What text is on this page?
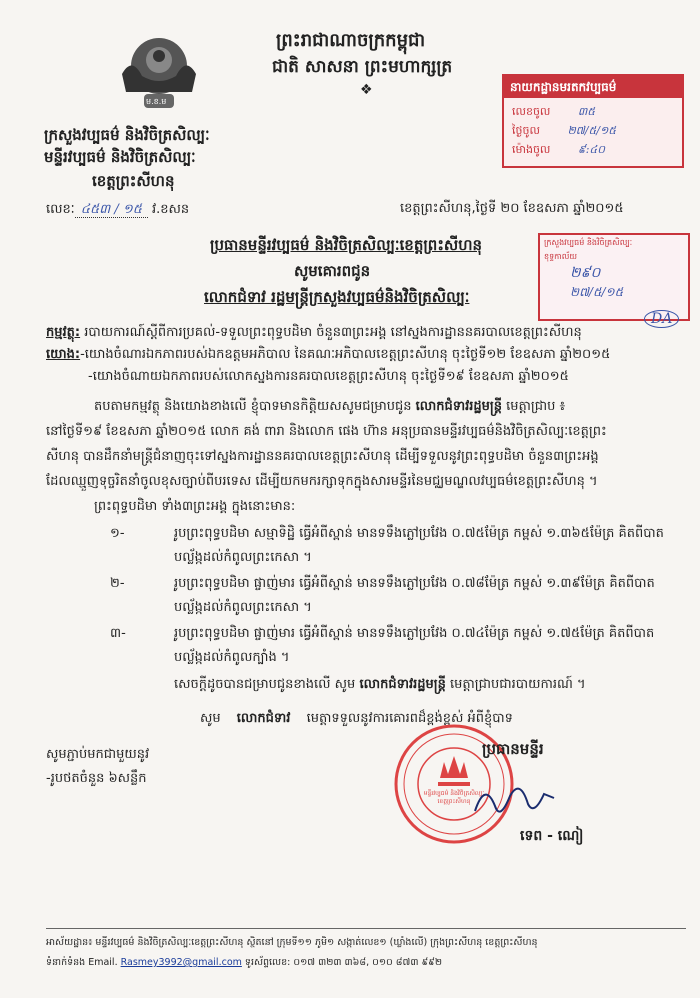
ម.ខ.ម
ព្រះរាជាណាចក្រកម្ពុជា
ជាតិ សាសនា ព្រះមហាក្សត្រ
❖
ក្រសួងវប្បធម៌ និងវិចិត្រសិល្បៈ
មន្ទីរវប្បធម៌ និងវិចិត្រសិល្បៈ
ខេត្តព្រះសីហនុ
លេខៈ ៤៥៣ / ១៥ វ.ខសន	ខេត្តព្រះសីហនុ,ថ្ងៃទី ២០ ខែឧសភា ឆ្នាំ២០១៥
នាយកដ្ឋានមរតកវប្បធម៌
លេខចូល	៣៥
ថ្ងៃចូល	២៧/៥/១៥
ម៉ោងចូល	៩:៤០
ក្រសួងវប្បធម៌ និងវិចិត្រសិល្បៈ
ខុទ្ទកាល័យ
២៩០
២៧/៥/១៥
DA
ប្រធានមន្ទីរវប្បធម៌ និងវិចិត្រសិល្បៈខេត្តព្រះសីហនុ
សូមគោរពជូន
លោកជំទាវ រដ្ឋមន្ត្រីក្រសួងវប្បធម៌និងវិចិត្រសិល្បៈ
កម្មវត្ថុ: របាយការណ៍ស្តីពីការប្រគល់-ទទួលព្រះពុទ្ធបដិមា ចំនួន៣ព្រះអង្គ នៅស្នងការដ្ឋាននគរបាលខេត្តព្រះសីហនុ
យោង:-យោងចំណារឯកភាពរបស់ឯកឧត្តមអភិបាល នៃគណៈអភិបាលខេត្តព្រះសីហនុ ចុះថ្ងៃទី១២ ខែឧសភា ឆ្នាំ២០១៥
-យោងចំណាយឯកភាពរបស់លោកស្នងការនគរបាលខេត្តព្រះសីហនុ ចុះថ្ងៃទី១៩ ខែឧសភា ឆ្នាំ២០១៥
តបតាមកម្មវត្ថុ និងយោងខាងលើ ខ្ញុំបាទមានកិត្តិយសសូមជម្រាបជូន លោកជំទាវរដ្ឋមន្ត្រី មេត្តាជ្រាប ៖
នៅថ្ងៃទី១៩ ខែឧសភា ឆ្នាំ២០១៥ លោក គង់ ពារា និងលោក ផេង ហ៊ាន អនុប្រធានមន្ទីរវប្បធម៌និងវិចិត្រសិល្បៈខេត្តព្រះ
សីហនុ បានដឹកនាំមន្ត្រីជំនាញចុះទៅស្នងការដ្ឋាននគរបាលខេត្តព្រះសីហនុ ដើម្បីទទួលនូវព្រះពុទ្ធបដិមា ចំនួន៣ព្រះអង្គ
ដែលឈ្មួញទុច្ចរិតនាំចូលខុសច្បាប់ពីបរទេស ដើម្បីយកមករក្សាទុកក្នុងសារមន្ទីរនៃមជ្ឈមណ្ឌលវប្បធម៌ខេត្តព្រះសីហនុ ។
ព្រះពុទ្ធបដិមា ទាំង៣ព្រះអង្គ ក្នុងនោះមាន:
១-	រូបព្រះពុទ្ធបដិមា សម្មាទិដ្ឋិ ធ្វើអំពីស្ពាន់ មានទទឹងភ្លៅប្រវែង ០.៧៥ម៉ែត្រ កម្ពស់ ១.៣៦៥ម៉ែត្រ គិតពីបាត
បល្ល័ង្កដល់កំពូលព្រះកេសា ។
២-	រូបព្រះពុទ្ធបដិមា ផ្ចាញ់មារ ធ្វើអំពីស្ពាន់ មានទទឹងភ្លៅប្រវែង ០.៧៨ម៉ែត្រ កម្ពស់ ១.៣៩ម៉ែត្រ គិតពីបាត
បល្ល័ង្កដល់កំពូលព្រះកេសា ។
៣-	រូបព្រះពុទ្ធបដិមា ផ្ចាញ់មារ ធ្វើអំពីស្ពាន់ មានទទឹងភ្លៅប្រវែង ០.៧៤ម៉ែត្រ កម្ពស់ ១.៧៥ម៉ែត្រ គិតពីបាត
បល្ល័ង្កដល់កំពូលក្បាំង ។
សេចក្តីដូចបានជម្រាបជូនខាងលើ សូម លោកជំទាវរដ្ឋមន្ត្រី មេត្តាជ្រាបជារបាយការណ៍ ។
សូម លោកជំទាវ មេត្តាទទួលនូវការគោរពដ៏ខ្ពង់ខ្ពស់ អំពីខ្ញុំបាទ
សូមភ្ជាប់មកជាមួយនូវ
-រូបថតចំនួន ៦សន្លឹក
មន្ទីរវប្បធម៌ និងវិចិត្រសិល្បៈ ខេត្តព្រះសីហនុ
ប្រធានមន្ទីរ
ទេព - ណៀ
អាស័យដ្ឋាន៖ មន្ទីរវប្បធម៌ និងវិចិត្រសិល្បៈខេត្តព្រះសីហនុ ស្ថិតនៅ ក្រុមទី១១ ភូមិ១ សង្កាត់លេខ១ (ឃ្លាំងលើ) ក្រុងព្រះសីហនុ ខេត្តព្រះសីហនុ
ទំនាក់ទំនង Email. Rasmey3992@gmail.com ទូរស័ព្ទលេខ: ០១៧ ៣២៣ ៣៦៨, ០១០ ៨៧៣ ៩៩២
